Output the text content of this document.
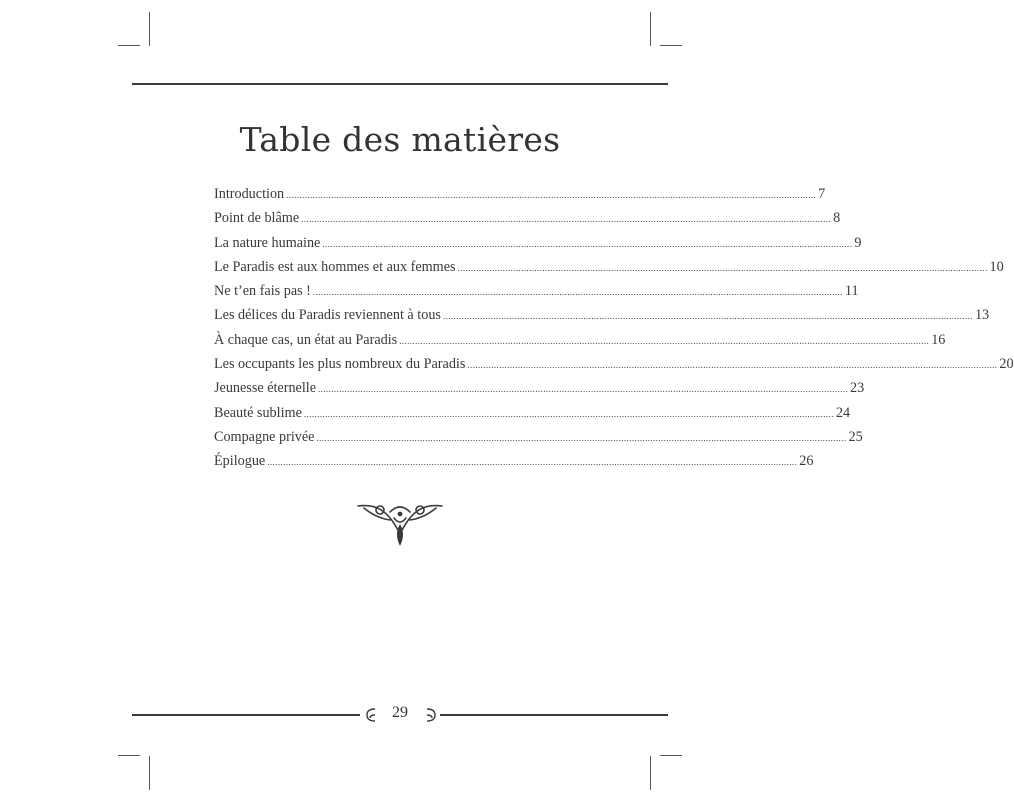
Table des matières
Introduction ........................................................................................................................................................................................................ 7
Point de blâme ........................................................................................................................................................................................................ 8
La nature humaine ........................................................................................................................................................................................................ 9
Le Paradis est aux hommes et aux femmes ........................................................................................................................................................................................................ 10
Ne t’en fais pas ! ........................................................................................................................................................................................................ 11
Les délices du Paradis reviennent à tous ........................................................................................................................................................................................................ 13
À chaque cas, un état au Paradis ........................................................................................................................................................................................................ 16
Les occupants les plus nombreux du Paradis ........................................................................................................................................................................................................ 20
Jeunesse éternelle ........................................................................................................................................................................................................ 23
Beauté sublime ........................................................................................................................................................................................................ 24
Compagne privée ........................................................................................................................................................................................................ 25
Épilogue ........................................................................................................................................................................................................ 26
29
